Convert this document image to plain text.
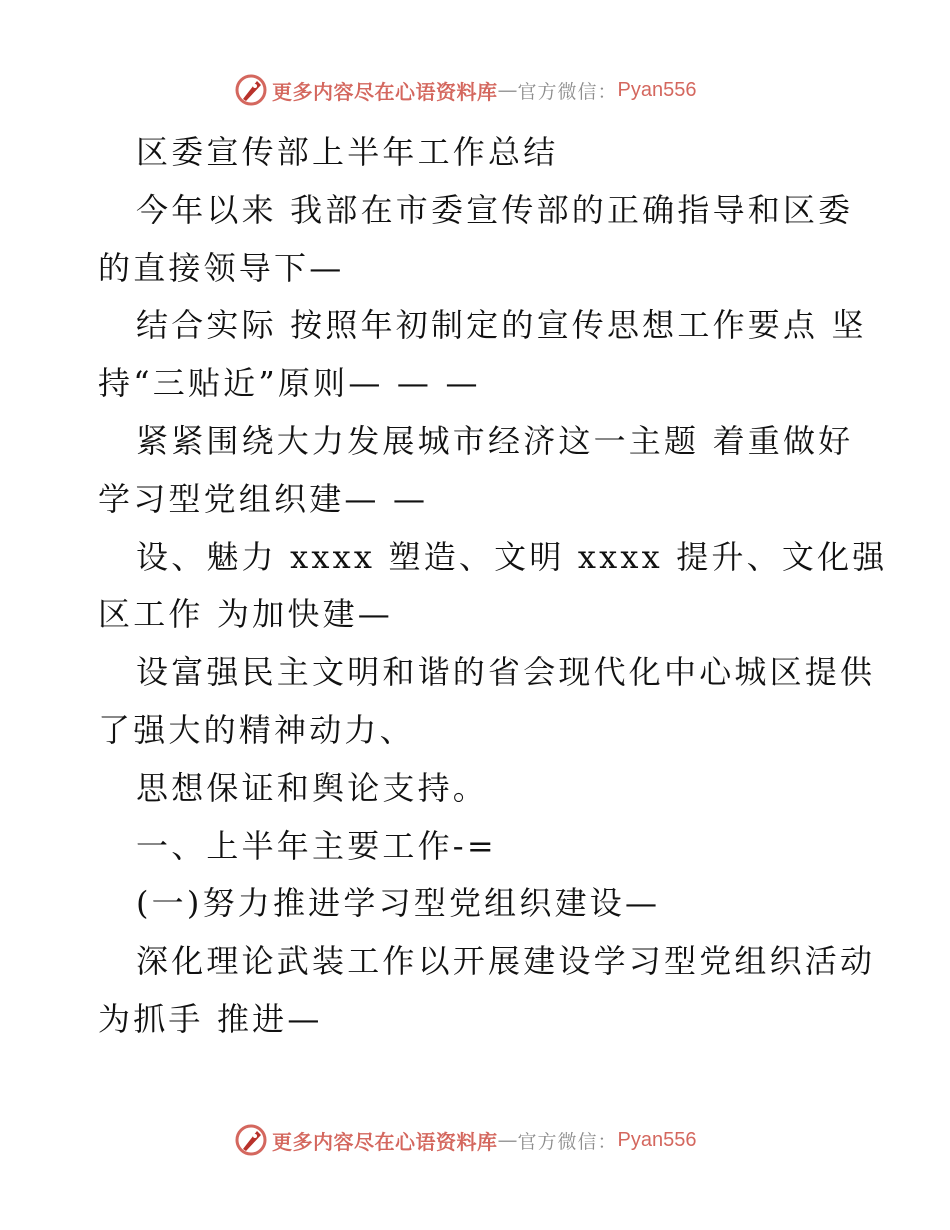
更多内容尽在心语资料库 — 官方微信： Pyan556
区委宣传部上半年工作总结
今年以来 我部在市委宣传部的正确指导和区委
的直接领导下—
结合实际 按照年初制定的宣传思想工作要点 坚
持“三贴近”原则— — —
紧紧围绕大力发展城市经济这一主题 着重做好
学习型党组织建— —
设、魅力 xxxx 塑造、文明 xxxx 提升、文化强
区工作 为加快建—
设富强民主文明和谐的省会现代化中心城区提供
了强大的精神动力、
思想保证和舆论支持。
一、上半年主要工作-=
(一)努力推进学习型党组织建设—
深化理论武装工作以开展建设学习型党组织活动
为抓手 推进—
更多内容尽在心语资料库 — 官方微信： Pyan556
